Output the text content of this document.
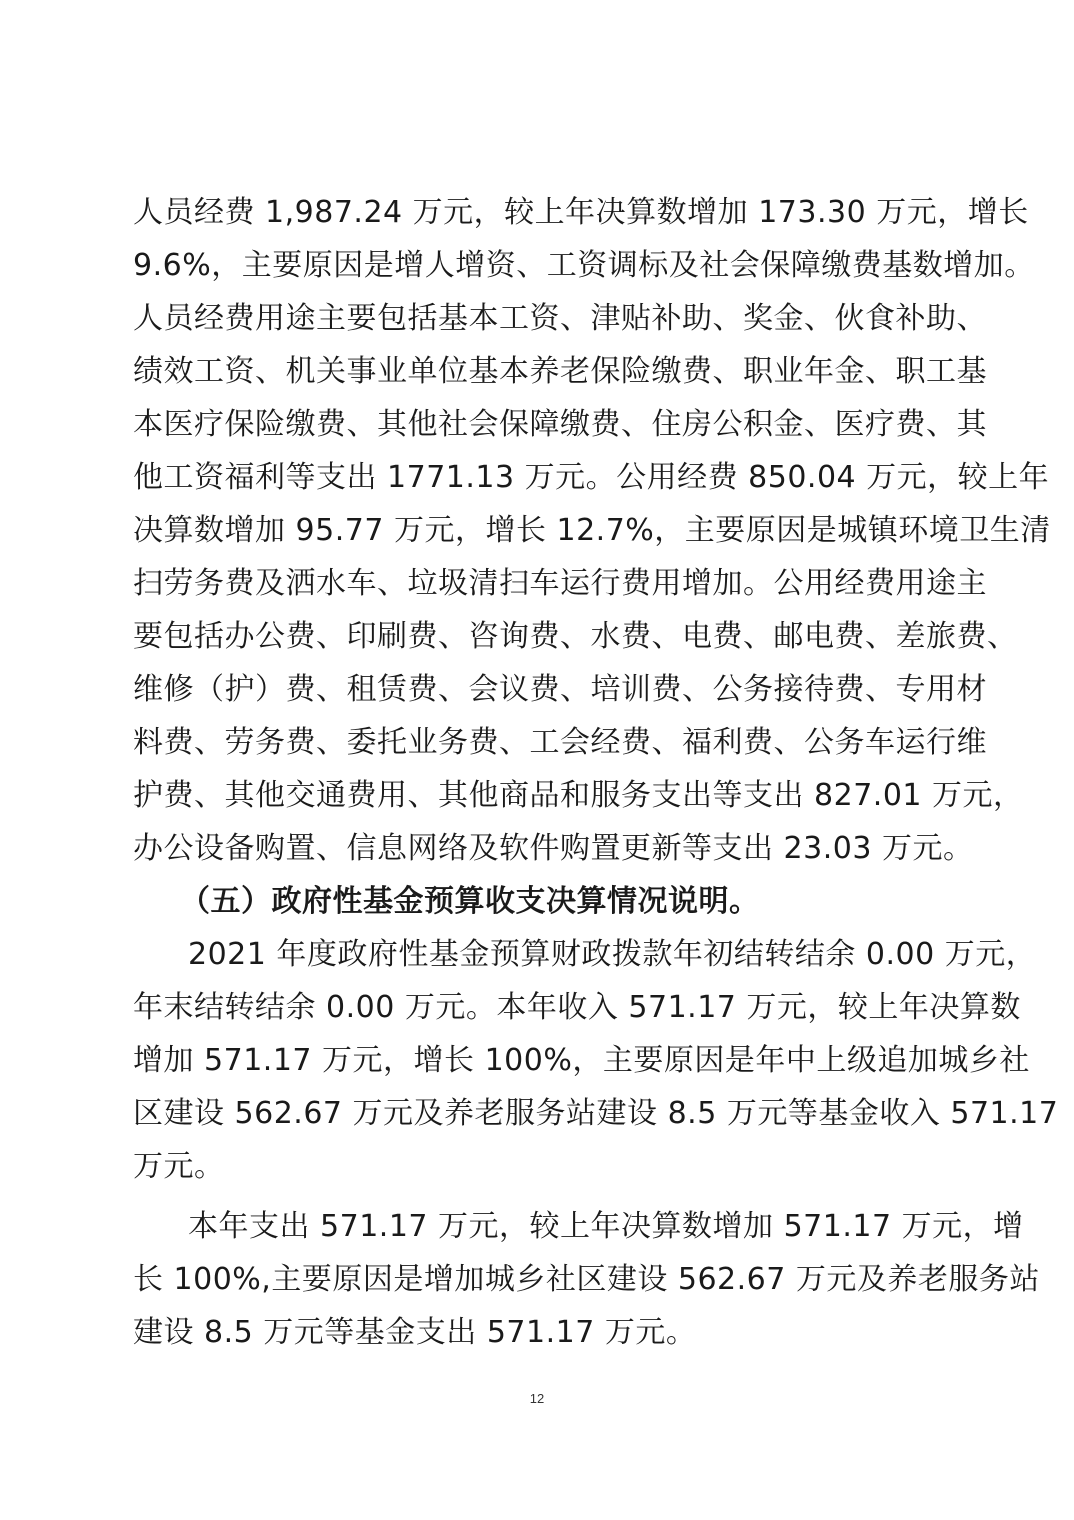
人员经费 1,987.24 万元，较上年决算数增加 173.30 万元，增长
9.6%，主要原因是增人增资、工资调标及社会保障缴费基数增加。
人员经费用途主要包括基本工资、津贴补助、奖金、伙食补助、
绩效工资、机关事业单位基本养老保险缴费、职业年金、职工基
本医疗保险缴费、其他社会保障缴费、住房公积金、医疗费、其
他工资福利等支出 1771.13 万元。公用经费 850.04 万元，较上年
决算数增加 95.77 万元，增长 12.7%，主要原因是城镇环境卫生清
扫劳务费及洒水车、垃圾清扫车运行费用增加。公用经费用途主
要包括办公费、印刷费、咨询费、水费、电费、邮电费、差旅费、
维修（护）费、租赁费、会议费、培训费、公务接待费、专用材
料费、劳务费、委托业务费、工会经费、福利费、公务车运行维
护费、其他交通费用、其他商品和服务支出等支出 827.01 万元，
办公设备购置、信息网络及软件购置更新等支出 23.03 万元。
（五）政府性基金预算收支决算情况说明。
2021 年度政府性基金预算财政拨款年初结转结余 0.00 万元，
年末结转结余 0.00 万元。本年收入 571.17 万元，较上年决算数
增加 571.17 万元，增长 100%，主要原因是年中上级追加城乡社
区建设 562.67 万元及养老服务站建设 8.5 万元等基金收入 571.17
万元。
本年支出 571.17 万元，较上年决算数增加 571.17 万元，增
长 100%,主要原因是增加城乡社区建设 562.67 万元及养老服务站
建设 8.5 万元等基金支出 571.17 万元。
12
